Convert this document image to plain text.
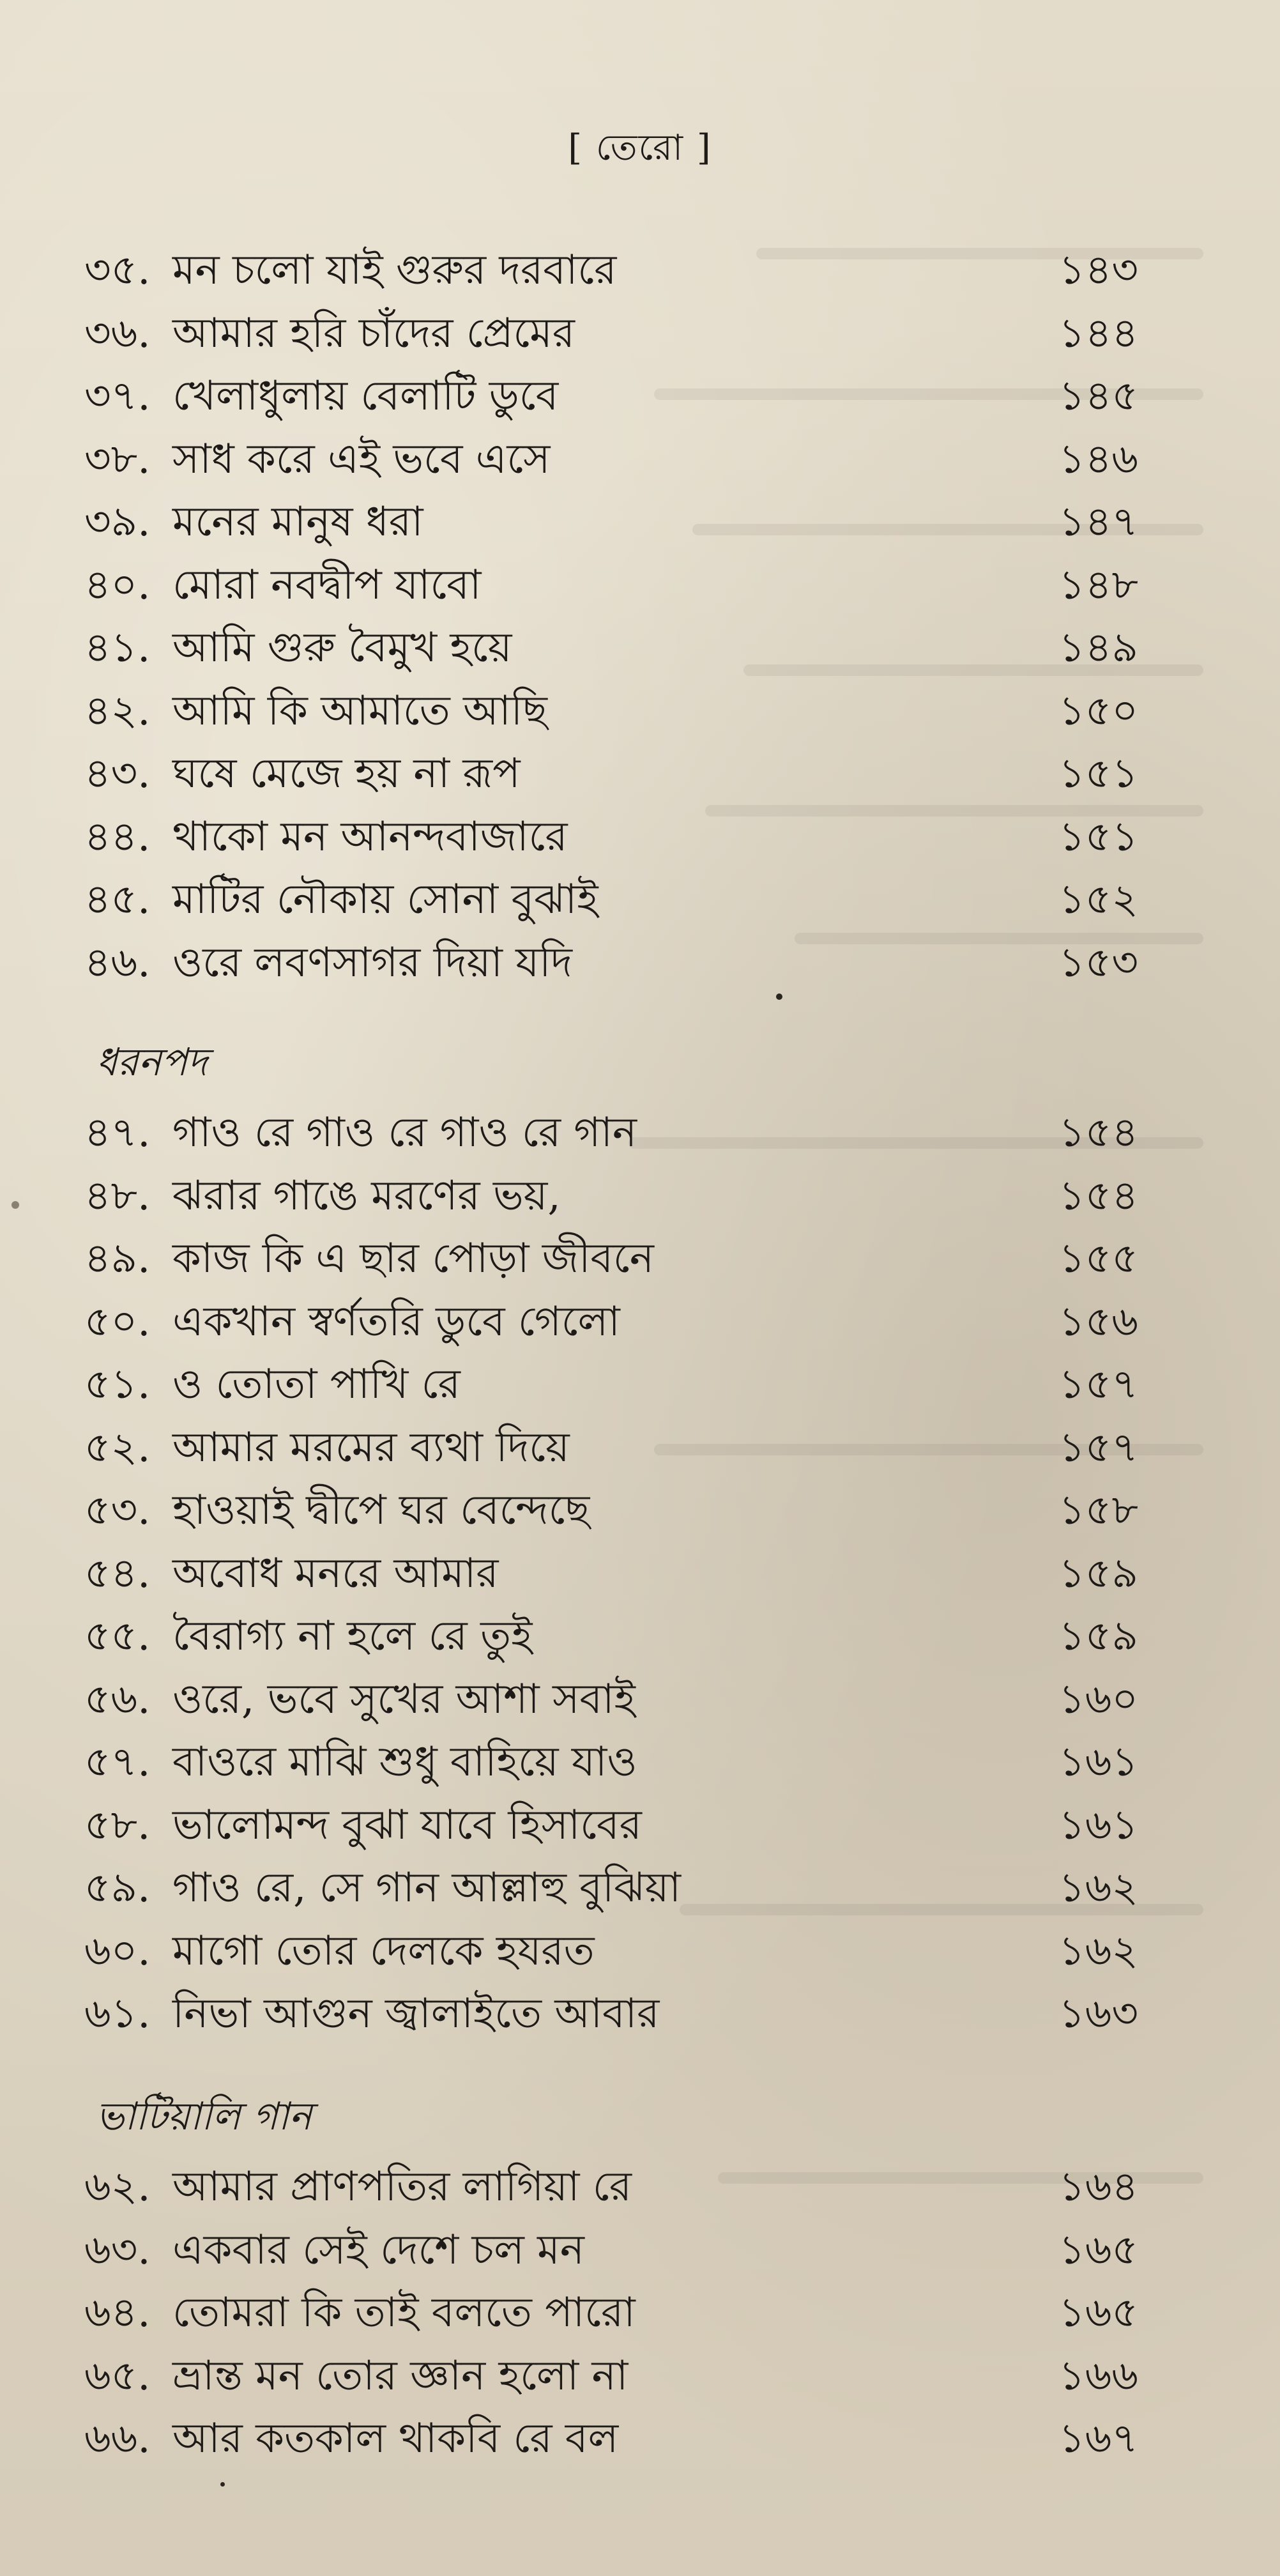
[ তেরো ]
৩৫. মন চলো যাই গুরুর দরবারে	১৪৩
৩৬. আমার হরি চাঁদের প্রেমের	১৪৪
৩৭. খেলাধুলায় বেলাটি ডুবে	১৪৫
৩৮. সাধ করে এই ভবে এসে	১৪৬
৩৯. মনের মানুষ ধরা	১৪৭
৪০. মোরা নবদ্বীপ যাবো	১৪৮
৪১. আমি গুরু বৈমুখ হয়ে	১৪৯
৪২. আমি কি আমাতে আছি	১৫০
৪৩. ঘষে মেজে হয় না রূপ	১৫১
৪৪. থাকো মন আনন্দবাজারে	১৫১
৪৫. মাটির নৌকায় সোনা বুঝাই	১৫২
৪৬. ওরে লবণসাগর দিয়া যদি	১৫৩
ধরনপদ
৪৭. গাও রে গাও রে গাও রে গান	১৫৪
৪৮. ঝরার গাঙে মরণের ভয়,	১৫৪
৪৯. কাজ কি এ ছার পোড়া জীবনে	১৫৫
৫০. একখান স্বর্ণতরি ডুবে গেলো	১৫৬
৫১. ও তোতা পাখি রে	১৫৭
৫২. আমার মরমের ব্যথা দিয়ে	১৫৭
৫৩. হাওয়াই দ্বীপে ঘর বেন্দেছে	১৫৮
৫৪. অবোধ মনরে আমার	১৫৯
৫৫. বৈরাগ্য না হলে রে তুই	১৫৯
৫৬. ওরে, ভবে সুখের আশা সবাই	১৬০
৫৭. বাওরে মাঝি শুধু বাহিয়ে যাও	১৬১
৫৮. ভালোমন্দ বুঝা যাবে হিসাবের	১৬১
৫৯. গাও রে, সে গান আল্লাহু বুঝিয়া	১৬২
৬০. মাগো তোর দেলকে হযরত	১৬২
৬১. নিভা আগুন জ্বালাইতে আবার	১৬৩
ভাটিয়ালি গান
৬২. আমার প্রাণপতির লাগিয়া রে	১৬৪
৬৩. একবার সেই দেশে চল মন	১৬৫
৬৪. তোমরা কি তাই বলতে পারো	১৬৫
৬৫. ভ্রান্ত মন তোর জ্ঞান হলো না	১৬৬
৬৬. আর কতকাল থাকবি রে বল	১৬৭
